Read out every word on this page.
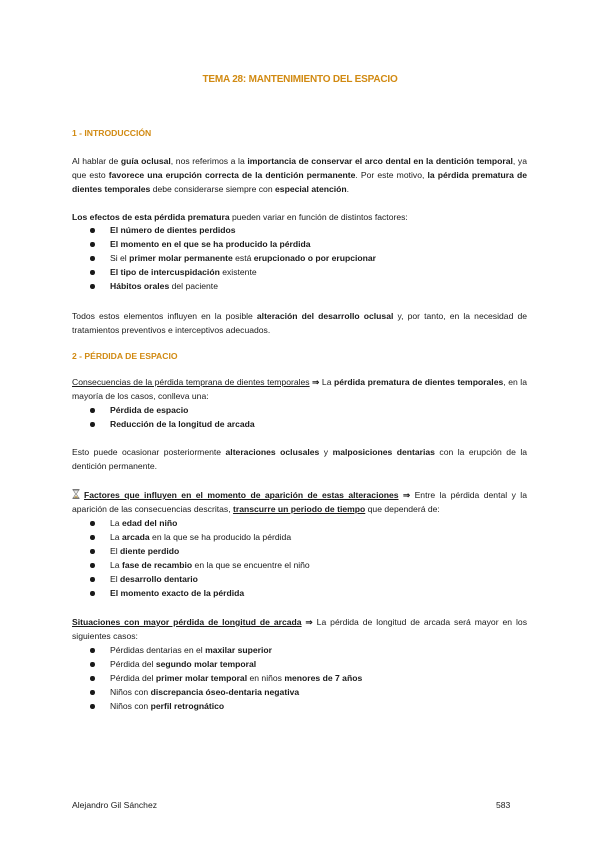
TEMA 28: MANTENIMIENTO DEL ESPACIO
1 - INTRODUCCIÓN
Al hablar de guía oclusal, nos referimos a la importancia de conservar el arco dental en la dentición temporal, ya que esto favorece una erupción correcta de la dentición permanente. Por este motivo, la pérdida prematura de dientes temporales debe considerarse siempre con especial atención.
Los efectos de esta pérdida prematura pueden variar en función de distintos factores:
El número de dientes perdidos
El momento en el que se ha producido la pérdida
Si el primer molar permanente está erupcionado o por erupcionar
El tipo de intercuspidación existente
Hábitos orales del paciente
Todos estos elementos influyen en la posible alteración del desarrollo oclusal y, por tanto, en la necesidad de tratamientos preventivos e interceptivos adecuados.
2 - PÉRDIDA DE ESPACIO
Consecuencias de la pérdida temprana de dientes temporales ⇒ La pérdida prematura de dientes temporales, en la mayoría de los casos, conlleva una:
Pérdida de espacio
Reducción de la longitud de arcada
Esto puede ocasionar posteriormente alteraciones oclusales y malposiciones dentarias con la erupción de la dentición permanente.
Factores que influyen en el momento de aparición de estas alteraciones ⇒ Entre la pérdida dental y la aparición de las consecuencias descritas, transcurre un periodo de tiempo que dependerá de:
La edad del niño
La arcada en la que se ha producido la pérdida
El diente perdido
La fase de recambio en la que se encuentre el niño
El desarrollo dentario
El momento exacto de la pérdida
Situaciones con mayor pérdida de longitud de arcada ⇒ La pérdida de longitud de arcada será mayor en los siguientes casos:
Pérdidas dentarias en el maxilar superior
Pérdida del segundo molar temporal
Pérdida del primer molar temporal en niños menores de 7 años
Niños con discrepancia óseo-dentaria negativa
Niños con perfil retrognático
Alejandro Gil Sánchez	583
